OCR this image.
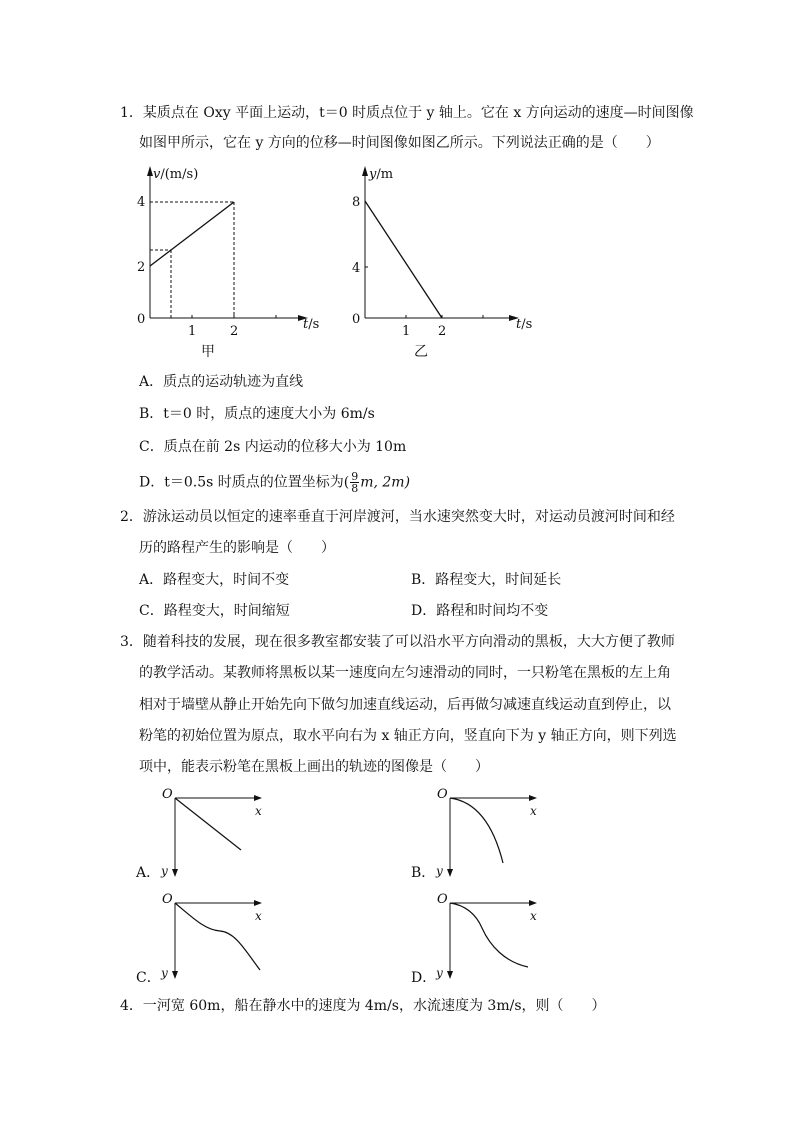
1．某质点在 Oxy 平面上运动，t＝0 时质点位于 y 轴上。它在 x 方向运动的速度—时间图像
如图甲所示，它在 y 方向的位移—时间图像如图乙所示。下列说法正确的是（　　）
v/(m/s)
4
2
0
1	2	t/s
甲
y/m
8
4
0
1 2	t/s
乙
A．质点的运动轨迹为直线
B．t＝0 时，质点的速度大小为 6m/s
C．质点在前 2s 内运动的位移大小为 10m
D．t＝0.5s 时质点的位置坐标为( $\frac{9}{8} m$, 2m)
2．游泳运动员以恒定的速率垂直于河岸渡河，当水速突然变大时，对运动员渡河时间和经
历的路程产生的影响是（　　）
A．路程变大，时间不变	B．路程变大，时间延长
C．路程变大，时间缩短	D．路程和时间均不变
3．随着科技的发展，现在很多教室都安装了可以沿水平方向滑动的黑板，大大方便了教师
的教学活动。某教师将黑板以某一速度向左匀速滑动的同时，一只粉笔在黑板的左上角
相对于墙壁从静止开始先向下做匀加速直线运动，后再做匀减速直线运动直到停止，以
粉笔的初始位置为原点，取水平向右为 x 轴正方向，竖直向下为 y 轴正方向，则下列选
项中，能表示粉笔在黑板上画出的轨迹的图像是（　　）
O
x
y
A．
O
x
y
B．
O
x
y
C．
O
x
y
D．
4．一河宽 60m，船在静水中的速度为 4m/s，水流速度为 3m/s，则（　　）
